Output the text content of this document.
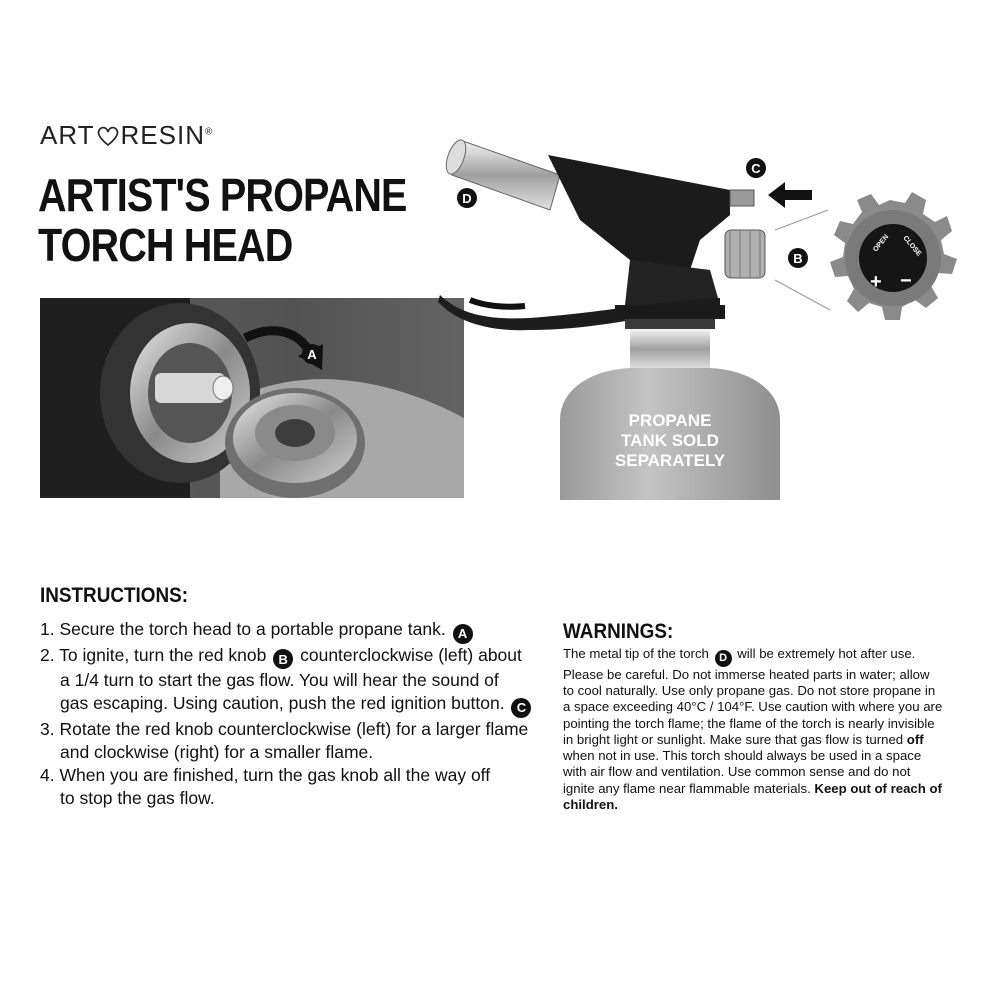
ART RESIN®
ARTIST'S PROPANE
TORCH HEAD
A
PROPANE
TANK SOLD
SEPARATELY
OPEN CLOSE
+ −
D
C
B
INSTRUCTIONS:
1. Secure the torch head to a portable propane tank. A
2. To ignite, turn the red knob B counterclockwise (left) about
a 1/4 turn to start the gas flow. You will hear the sound of
gas escaping. Using caution, push the red ignition button. C
3. Rotate the red knob counterclockwise (left) for a larger flame
and clockwise (right) for a smaller flame.
4. When you are finished, turn the gas knob all the way off
to stop the gas flow.
WARNINGS:
The metal tip of the torch D will be extremely hot after use. Please be careful. Do not immerse heated parts in water; allow to cool naturally. Use only propane gas. Do not store propane in a space exceeding 40°C / 104°F. Use caution with where you are pointing the torch flame; the flame of the torch is nearly invisible in bright light or sunlight. Make sure that gas flow is turned off when not in use. This torch should always be used in a space with air flow and ventilation. Use common sense and do not ignite any flame near flammable materials. Keep out of reach of children.
